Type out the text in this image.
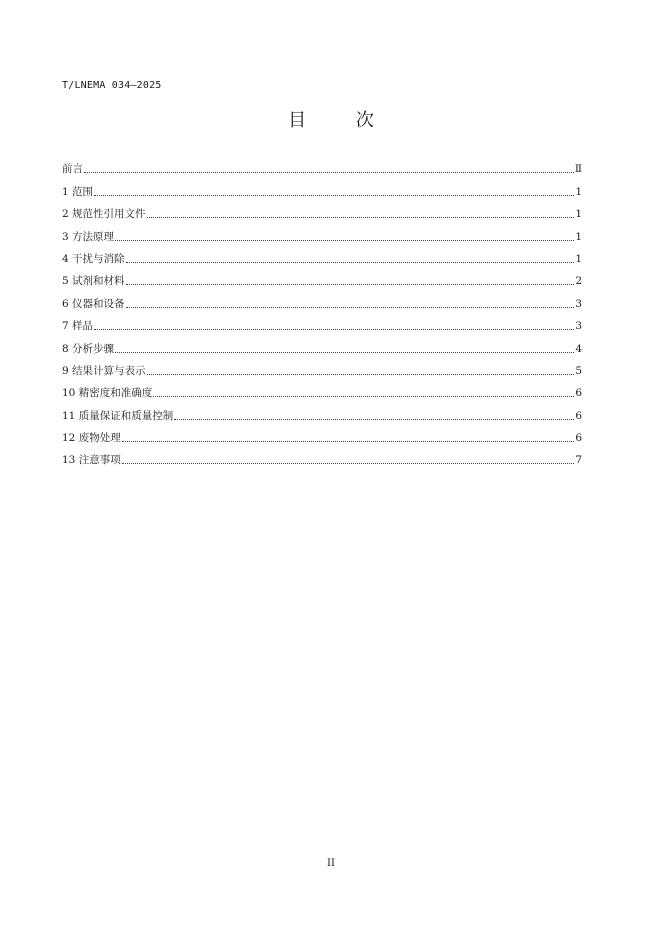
T/LNEMA 034—2025
目 次
前言	Ⅱ
1 范围	1
2 规范性引用文件	1
3 方法原理	1
4 干扰与消除	1
5 试剂和材料	2
6 仪器和设备	3
7 样品	3
8 分析步骤	4
9 结果计算与表示	5
10 精密度和准确度	6
11 质量保证和质量控制	6
12 废物处理	6
13 注意事项	7
II
